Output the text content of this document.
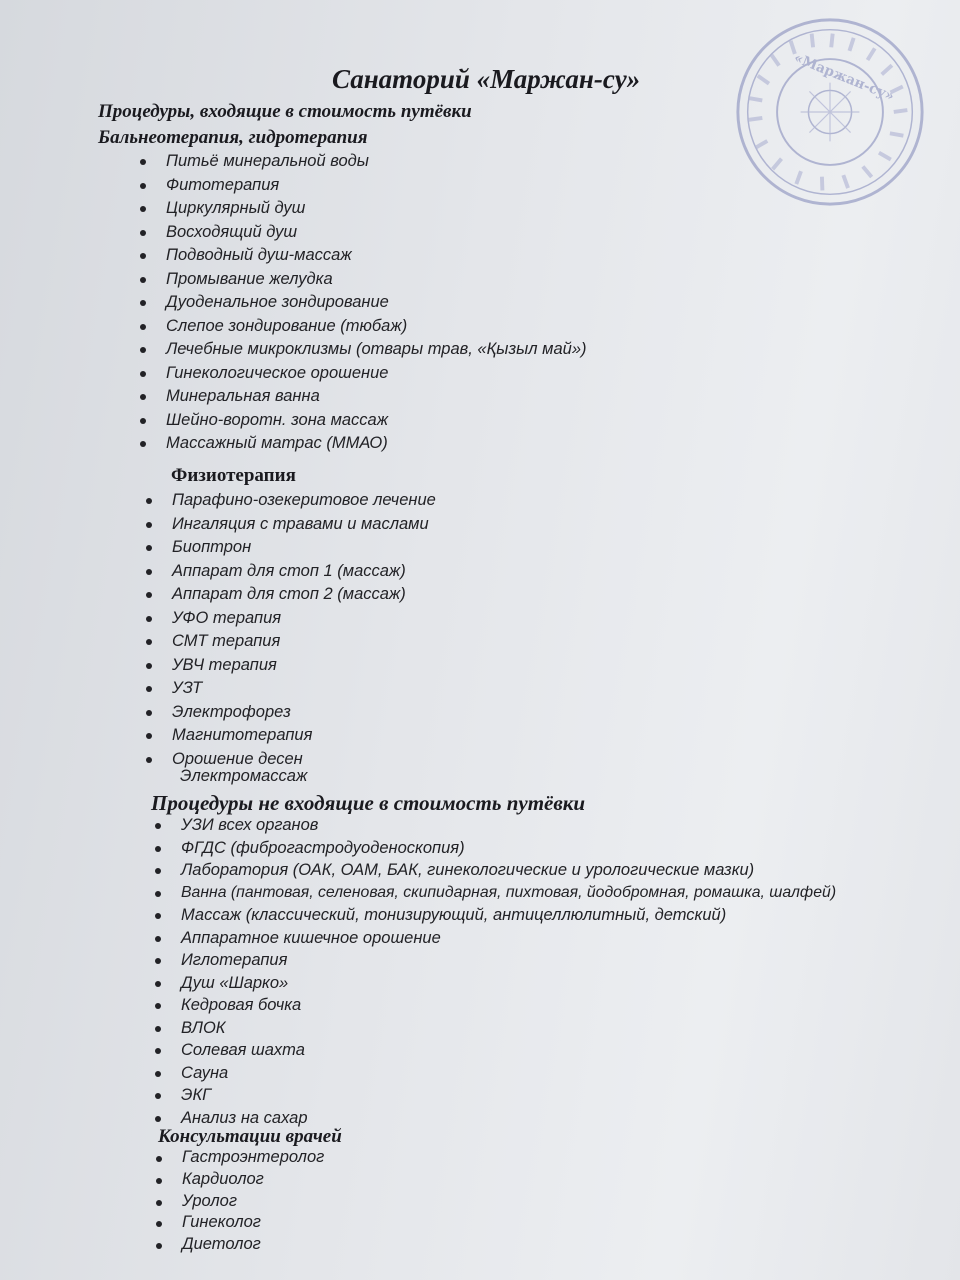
«Маржан-су»
Санаторий «Маржан-су»
Процедуры, входящие в стоимость путёвки
Бальнеотерапия, гидротерапия
Питьё минеральной воды
Фитотерапия
Циркулярный душ
Восходящий душ
Подводный душ-массаж
Промывание желудка
Дуоденальное зондирование
Слепое зондирование (тюбаж)
Лечебные микроклизмы (отвары трав, «Қызыл май»)
Гинекологическое орошение
Минеральная ванна
Шейно-воротн. зона массаж
Массажный матрас (ММАО)
Физиотерапия
Парафино-озекеритовое лечение
Ингаляция с травами и маслами
Биоптрон
Аппарат для стоп 1 (массаж)
Аппарат для стоп 2 (массаж)
УФО терапия
СМТ терапия
УВЧ терапия
УЗТ
Электрофорез
Магнитотерапия
Орошение десен
Электромассаж
Процедуры не входящие в стоимость путёвки
УЗИ всех органов
ФГДС (фиброгастродуоденоскопия)
Лаборатория (ОАК, ОАМ, БАК, гинекологические и урологические мазки)
Ванна (пантовая, селеновая, скипидарная, пихтовая, йодобромная, ромашка, шалфей)
Массаж (классический, тонизирующий, антицеллюлитный, детский)
Аппаратное кишечное орошение
Иглотерапия
Душ «Шарко»
Кедровая бочка
ВЛОК
Солевая шахта
Сауна
ЭКГ
Анализ на сахар
Консультации врачей
Гастроэнтеролог
Кардиолог
Уролог
Гинеколог
Диетолог
